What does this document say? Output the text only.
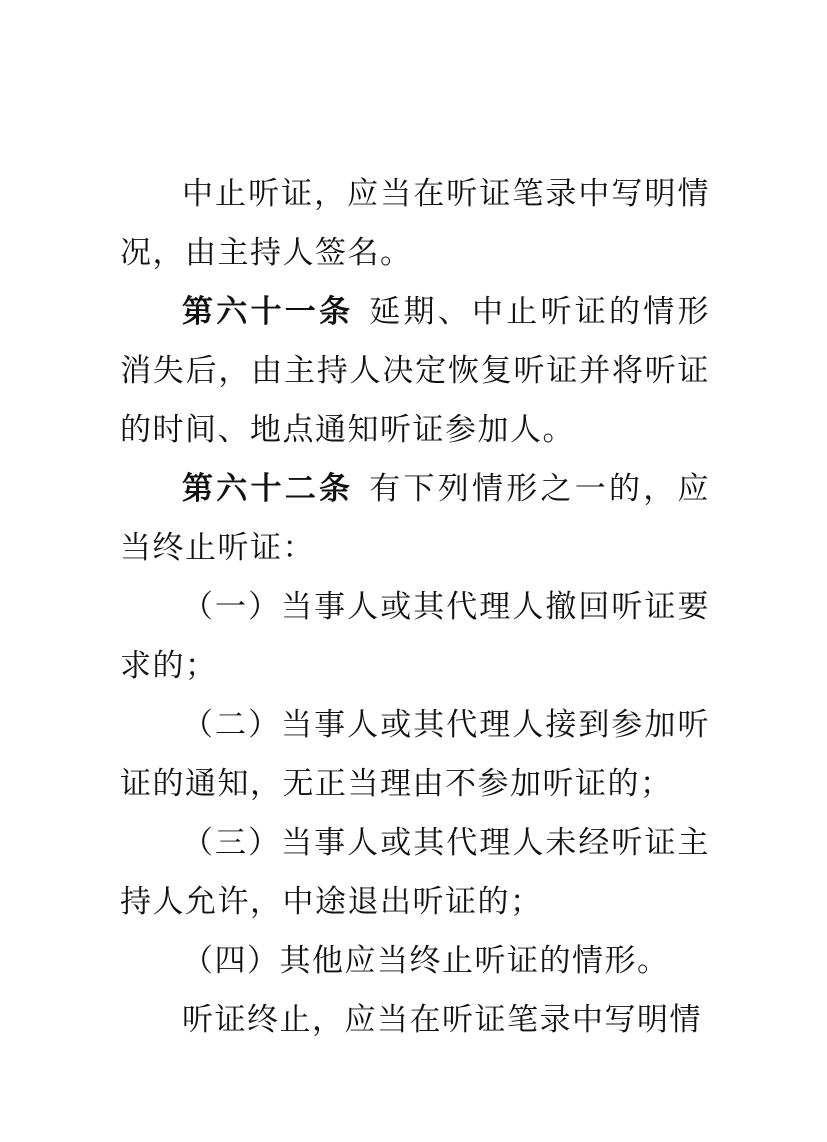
中止听证，应当在听证笔录中写明情况，由主持人签名。

第六十一条 延期、中止听证的情形消失后，由主持人决定恢复听证并将听证的时间、地点通知听证参加人。

第六十二条 有下列情形之一的，应当终止听证：

（一）当事人或其代理人撤回听证要求的；

（二）当事人或其代理人接到参加听证的通知，无正当理由不参加听证的；

（三）当事人或其代理人未经听证主持人允许，中途退出听证的；

（四）其他应当终止听证的情形。

听证终止，应当在听证笔录中写明情
